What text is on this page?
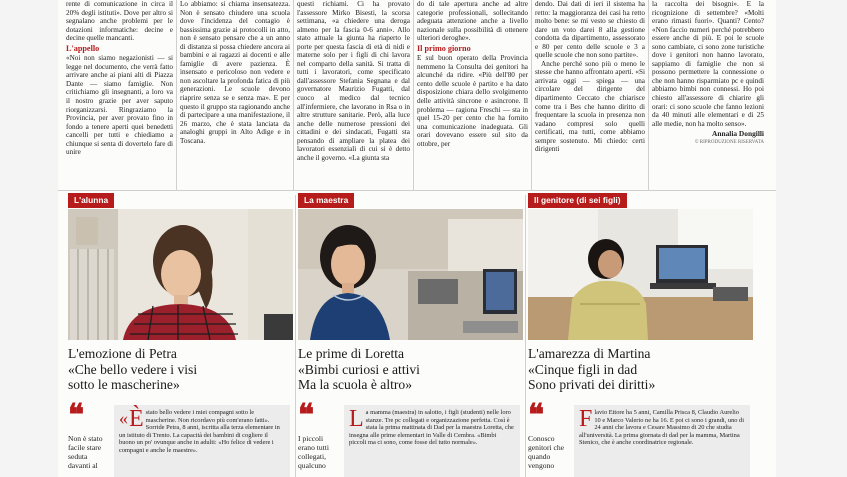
rente di comunicazione in circa il 20% degli istituti». Dove per altro si segnalano anche problemi per le dotazioni informatiche: decine e decine quelle mancanti.

L'appello

«Noi non siamo negazionisti — si legge nel documento, che verrà fatto arrivare anche ai piani alti di Piazza Dante — siamo famiglie. Non critichiamo gli insegnanti, a loro va il nostro grazie per aver saputo riorganizzarsi. Ringraziamo la Provincia, per aver provato fino in fondo a tenere aperti quei benedetti cancelli per tutti e chiediamo a chiunque si senta di dovertelo fare di unire

Lo abbiamo: si chiama insensatezza. Non è sensato chiudere una scuola dove l'incidenza del contagio è bassissima grazie ai protocolli in atto, non è sensato pensare che a un anno di distanza si possa chiedere ancora ai bambini e ai ragazzi ai docenti e alle famiglie di avere pazienza. È insensato e pericoloso non vedere e non ascoltare la profonda fatica di più generazioni. Le scuole devono riaprire senza se e senza ma». E per questo il gruppo sta ragionando anche di partecipare a una manifestazione, il 26 marzo, che è stata lanciata da analoghi gruppi in Alto Adige e in Toscana.

questi richiami. Ci ha provato l'assessore Mirko Bisesti, la scorsa settimana, «a chiedere una deroga almeno per la fascia 0-6 anni». Allo stato attuale la giunta ha riaperto le porte per questa fascia di età di nidi e materne solo per i figli di chi lavora nel comparto della sanità. Si tratta di tutti i lavoratori, come specificato dall'assessore Stefania Segnana e dal governatore Maurizio Fugatti, dal cuoco al medico dal tecnico all'infermiere, che lavorano in Rsa o in altre strutture sanitarie. Però, alla luce anche delle numerose pressioni dei cittadini e dei sindacati, Fugatti sta pensando di ampliare la platea dei lavoratori essenziali di cui si è detto anche il governo. «La giunta sta

do di tale apertura anche ad altre categorie professionali, sollecitando adeguata attenzione anche a livello nazionale sulla possibilità di ottenere ulteriori deroghe».

Il primo giorno

E sul buon operato della Provincia nemmeno la Consulta dei genitori ha alcunché da ridire. «Più dell'80 per cento delle scuole è partito e ha dato disposizione chiara dello svolgimento delle attività sincrone e asincrone. Il problema — ragiona Freschi — sta in quel 15-20 per cento che ha fornito una comunicazione inadeguata. Gli orari dovevano essere sul sito da ottobre, per

dendo. Dai dati di ieri il sistema ha retto: la maggioranza dei casi ha retto molto bene: se mi vesto se chiesto di dare un voto darei 8 alla gestione condotta da dipartimento, assessorato e 80 per cento delle scuole e 3 a quelle scuole che non sono partite».

Anche perché sono più o meno le stesse che hanno affrontato aperti. «Si arrivata oggi — spiega — una circolare del dirigente del dipartimento Ceccato che chiarisce come tra i Bes che hanno diritto di frequentare la scuola in presenza non vadano compresi solo quelli certificati, ma tutti, come abbiamo sempre sostenuto. Mi chiedo: certi dirigenti

la raccolta dei bisogni». E la ricognizione di settembre? «Molti erano rimasti fuori». Quanti? Cento? «Non faccio numeri perché potrebbero essere anche di più. E poi le scuole sono cambiate, ci sono zone turistiche dove i genitori non hanno lavorato, sappiamo di famiglie che non si possono permettere la connessione o che non hanno risparmiato pc e quindi abbiamo bimbi non connessi. Ho poi chiesto all'assessore di chiarire gli orari: ci sono scuole che fanno lezioni da 40 minuti alle elementari e di 25 alle medie, non ha molto senso».

Annalia Dongilli
© RIPRODUZIONE RISERVATA
L'alunna
L'emozione di Petra
«Che bello vedere i visi
sotto le mascherine»
❝
Non è stato facile stare seduta davanti al
« È stato bello vedere i miei compagni sotto le mascherine. Non ricordavo più com'erano fatti». Sorride Petra, 8 anni, iscritta alla terza elementare in un istituto di Trento. La capacità dei bambini di cogliere il buono un po' ovunque anche in adulti: «Ho felice di vedere i compagni e anche le maestre».
La maestra
Le prime di Loretta
«Bimbi curiosi e attivi
Ma la scuola è altro»
❝
I piccoli erano tutti collegati, qualcuno
L a mamma (maestra) in salotto, i figli (studenti) nelle loro stanze. Tre pc collegati e organizzazione perfetta. Così è stata la prima mattinata di Dad per la maestra Loretta, che insegna alle prime elementari in Valle di Cembra. «Bimbi piccoli ma ci sono, come fosse del tutto normale».
Il genitore (di sei figli)
L'amarezza di Martina
«Cinque figli in dad
Sono privati dei diritti»
❝
Conosco genitori che quando vengono
F lavio Ettore ha 5 anni, Camilla Prisca 8, Claudio Aurelio 10 e Marco Valerio ne ha 16. E poi ci sono i grandi, uno di 24 anni che lavora e Cesare Massimo di 20 che studia all'università. La prima giornata di dad per la mamma, Martina Stenico, che è anche coordinatrice regionale.
